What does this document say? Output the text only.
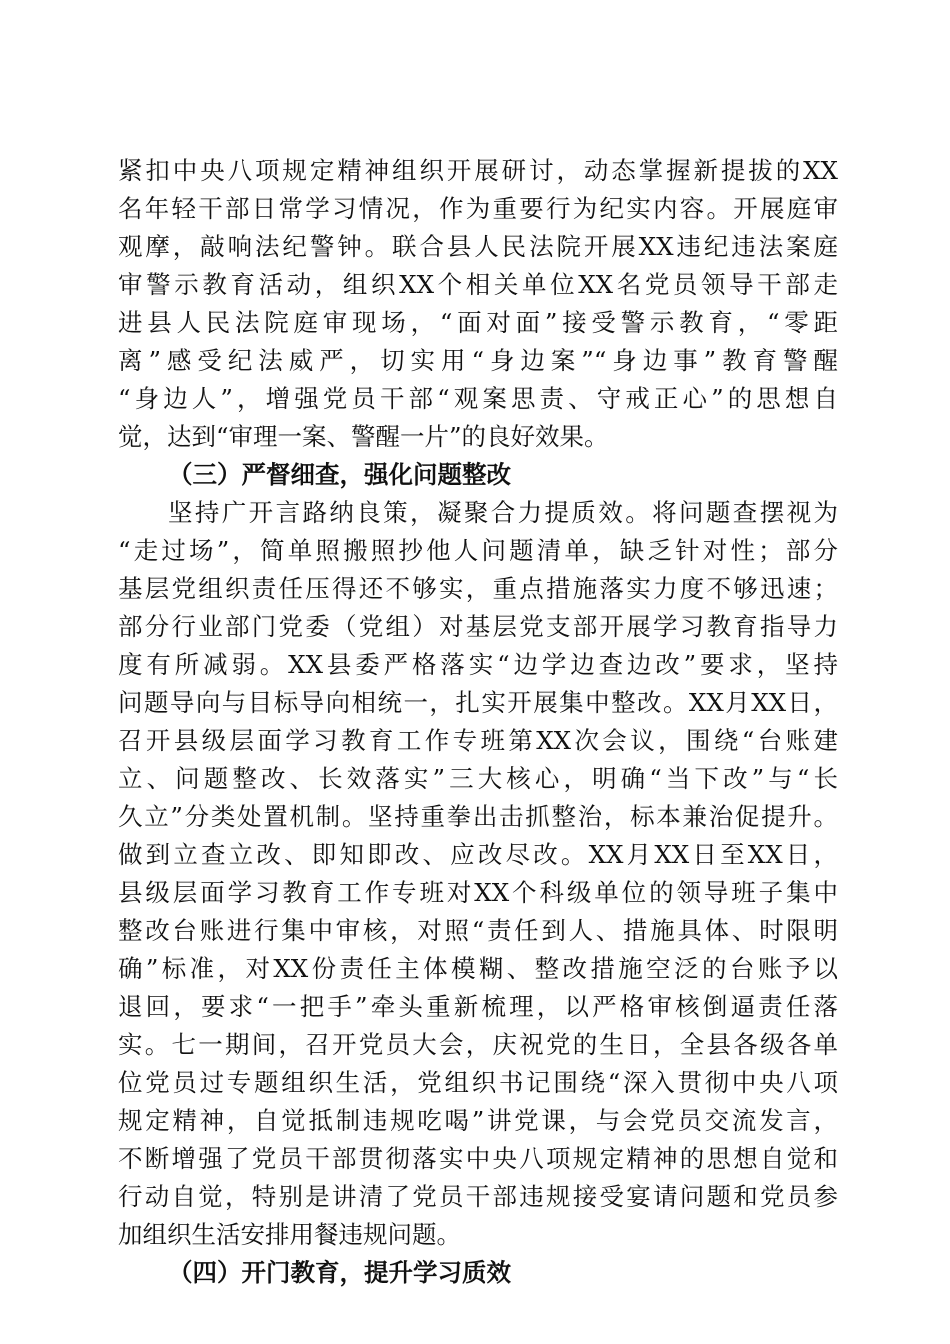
紧扣中央八项规定精神组织开展研讨，动态掌握新提拔的XX
名年轻干部日常学习情况，作为重要行为纪实内容。开展庭审
观摩，敲响法纪警钟。联合县人民法院开展XX违纪违法案庭
审警示教育活动，组织XX个相关单位XX名党员领导干部走
进县人民法院庭审现场，“面对面”接受警示教育，“零距
离”感受纪法威严，切实用“身边案”“身边事”教育警醒
“身边人”，增强党员干部“观案思责、守戒正心”的思想自
觉，达到“审理一案、警醒一片”的良好效果。
（三）严督细查，强化问题整改
坚持广开言路纳良策，凝聚合力提质效。将问题查摆视为
“走过场”，简单照搬照抄他人问题清单，缺乏针对性；部分
基层党组织责任压得还不够实，重点措施落实力度不够迅速；
部分行业部门党委（党组）对基层党支部开展学习教育指导力
度有所减弱。XX县委严格落实“边学边查边改”要求，坚持
问题导向与目标导向相统一，扎实开展集中整改。XX月XX日，
召开县级层面学习教育工作专班第XX次会议，围绕“台账建
立、问题整改、长效落实”三大核心，明确“当下改”与“长
久立”分类处置机制。坚持重拳出击抓整治，标本兼治促提升。
做到立查立改、即知即改、应改尽改。XX月XX日至XX日，
县级层面学习教育工作专班对XX个科级单位的领导班子集中
整改台账进行集中审核，对照“责任到人、措施具体、时限明
确”标准，对XX份责任主体模糊、整改措施空泛的台账予以
退回，要求“一把手”牵头重新梳理，以严格审核倒逼责任落
实。七一期间，召开党员大会，庆祝党的生日，全县各级各单
位党员过专题组织生活，党组织书记围绕“深入贯彻中央八项
规定精神，自觉抵制违规吃喝”讲党课，与会党员交流发言，
不断增强了党员干部贯彻落实中央八项规定精神的思想自觉和
行动自觉，特别是讲清了党员干部违规接受宴请问题和党员参
加组织生活安排用餐违规问题。
（四）开门教育，提升学习质效
